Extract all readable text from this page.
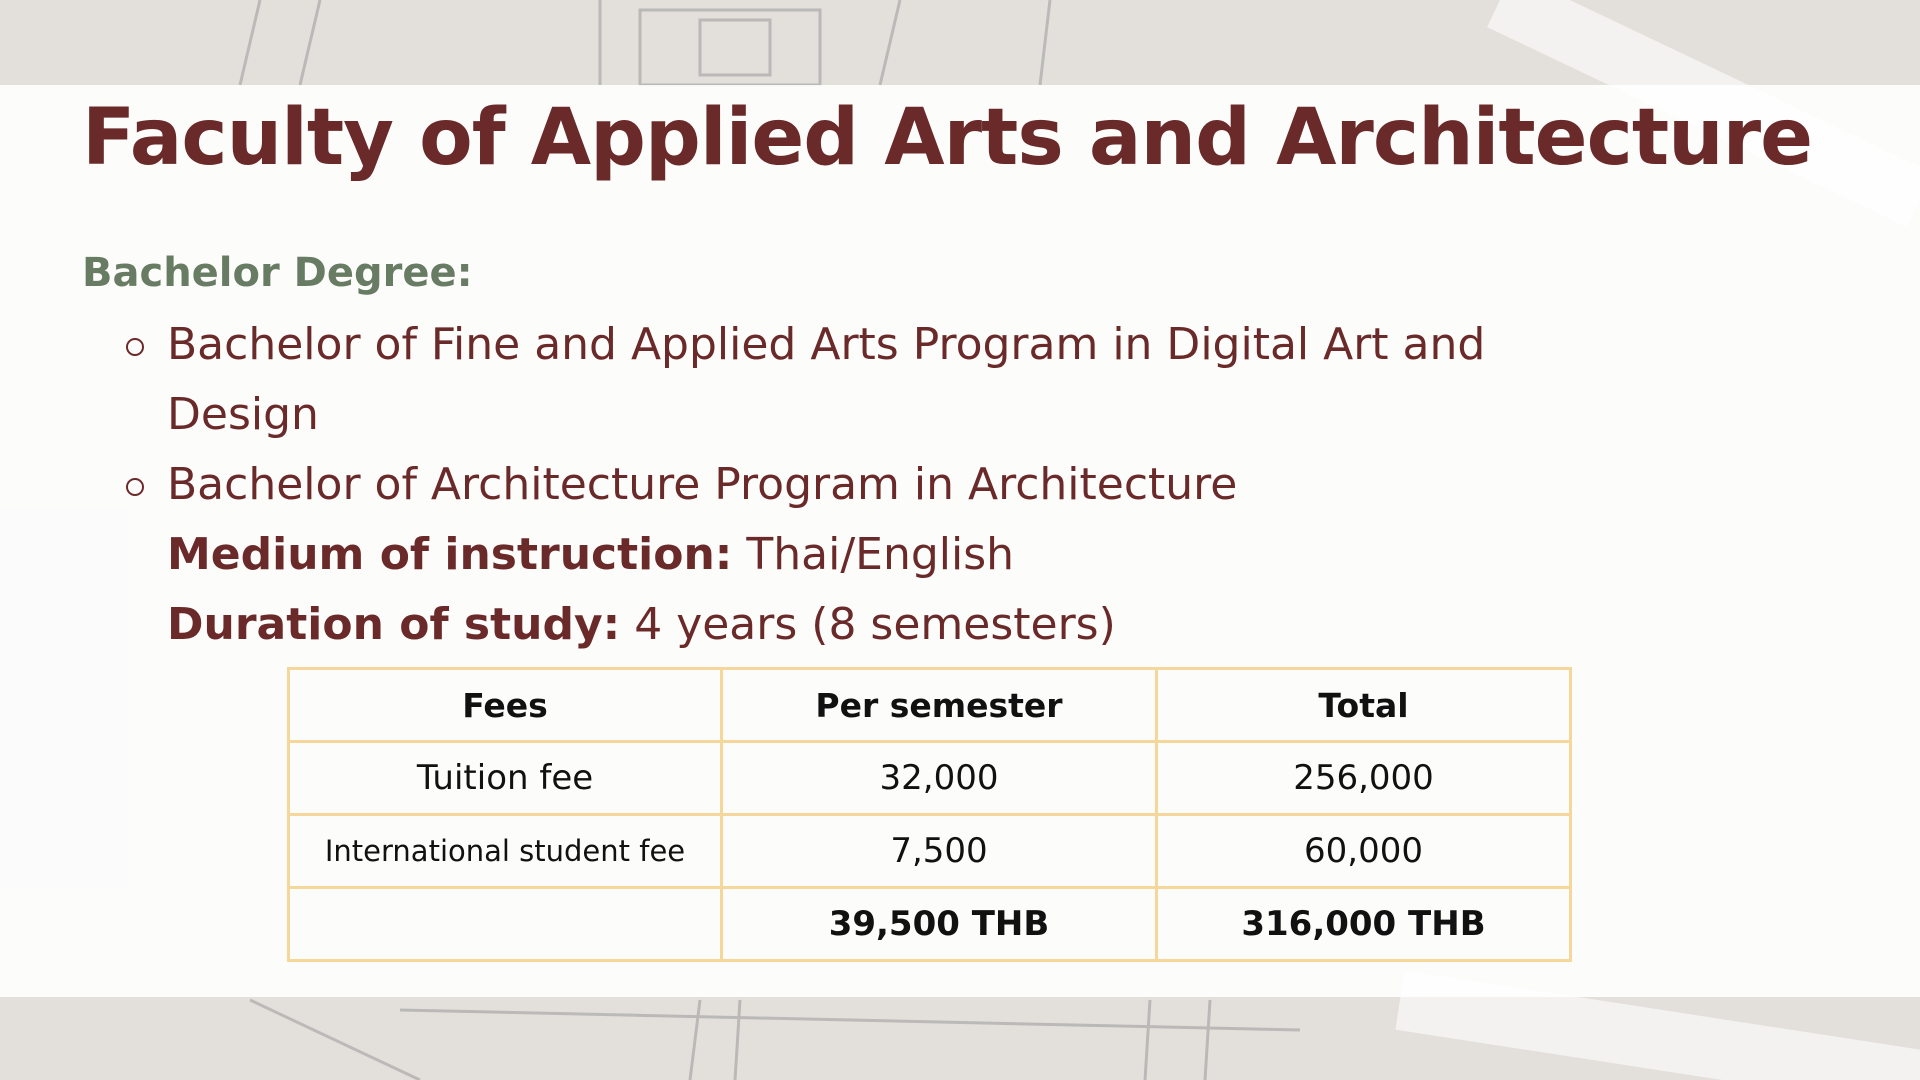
Faculty of Applied Arts and Architecture
Bachelor Degree:
Bachelor of Fine and Applied Arts Program in Digital Art and
Design
Bachelor of Architecture Program in Architecture
Medium of instruction: Thai/English
Duration of study: 4 years (8 semesters)
Fees	Per semester	Total
Tuition fee	32,000	256,000
International student fee	7,500	60,000
	39,500 THB	316,000 THB
